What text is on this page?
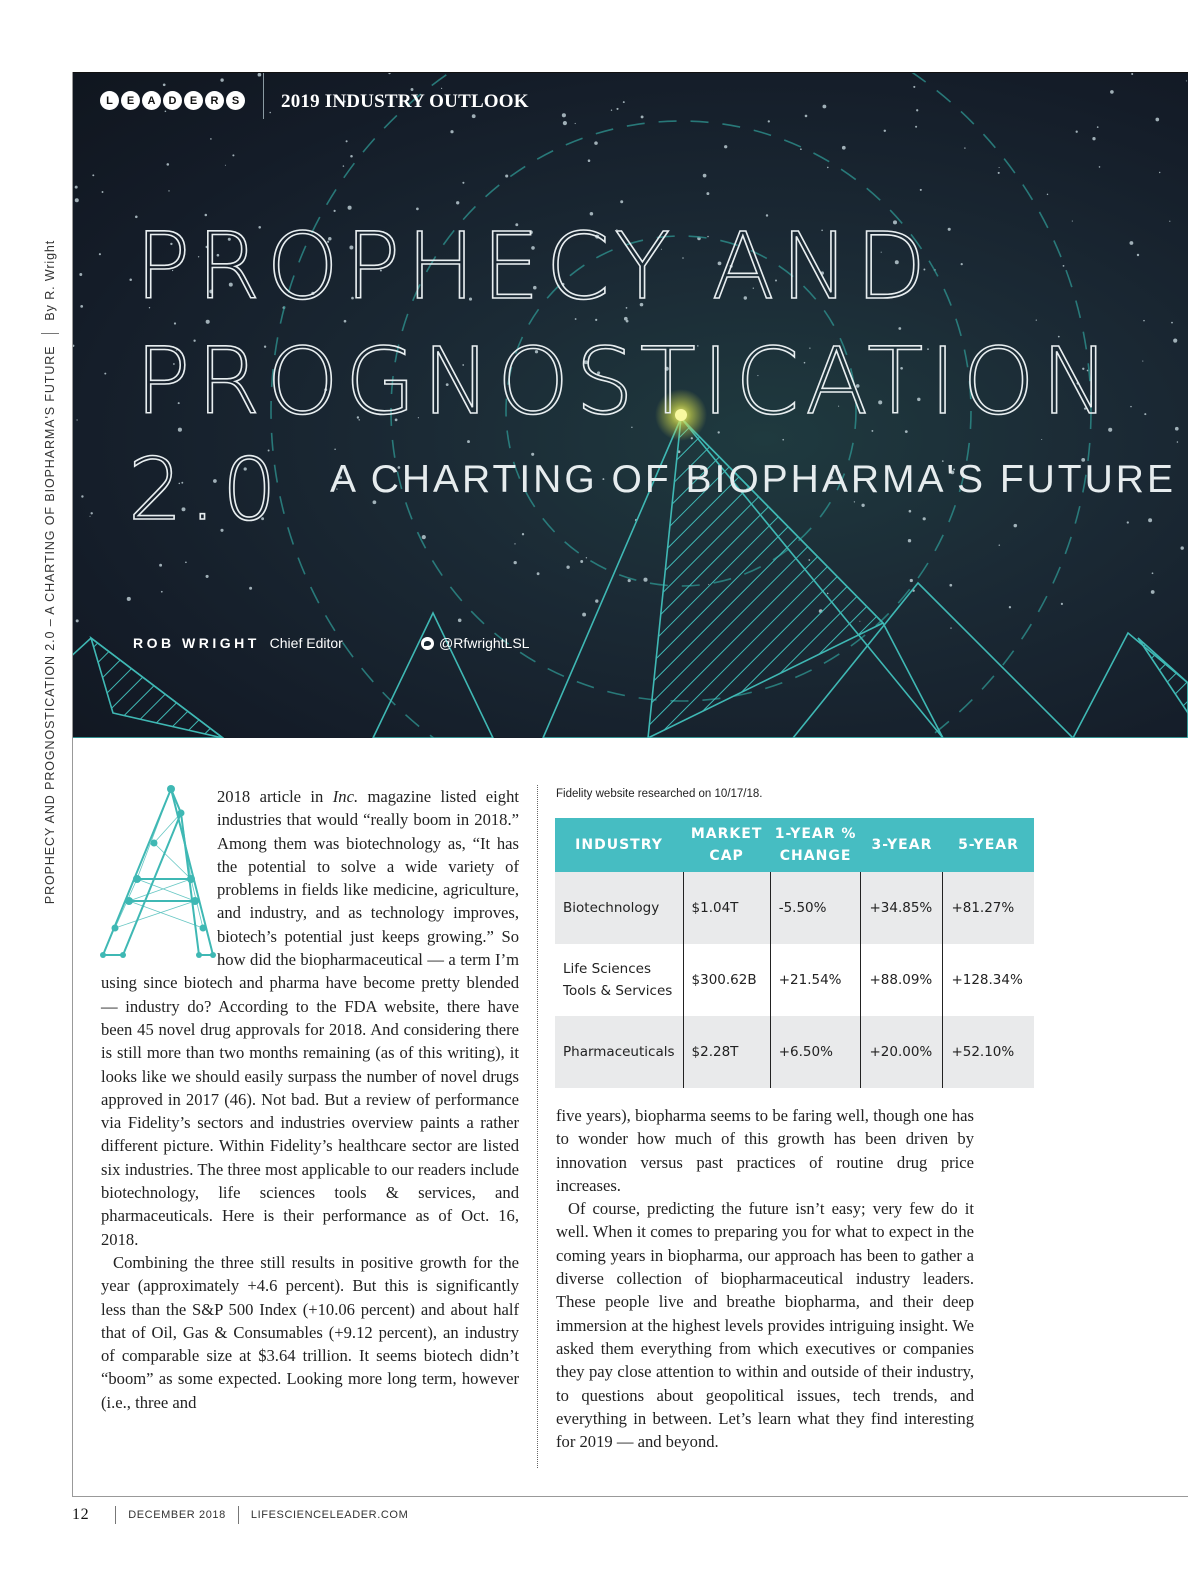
PROPHECY AND PROGNOSTICATION 2.0 – A CHARTING OF BIOPHARMA'S FUTURE
By R. Wright
L	E	A	D	E	R	S	2019 INDUSTRY OUTLOOK
PROPHECY AND
PROGNOSTICATION
2.0 A CHARTING OF BIOPHARMA'S FUTURE
ROB WRIGHT Chief Editor	@RfwrightLSL

2018 article in Inc. magazine listed eight industries that would “really boom in 2018.” Among them was biotechnology as, “It has the potential to solve a wide variety of problems in fields like medicine, agriculture, and industry, and as technology improves, biotech’s potential just keeps growing.” So how did the biopharmaceutical — a term I’m using since biotech and pharma have become pretty blended — industry do? According to the FDA website, there have been 45 novel drug approvals for 2018. And considering there is still more than two months remaining (as of this writing), it looks like we should easily surpass the number of novel drugs approved in 2017 (46). Not bad. But a review of performance via Fidelity’s sectors and industries overview paints a rather different picture. Within Fidelity’s healthcare sector are listed six industries. The three most applicable to our readers include biotechnology, life sciences tools & services, and pharmaceuticals. Here is their performance as of Oct. 16, 2018.

Combining the three still results in positive growth for the year (approximately +4.6 percent). But this is significantly less than the S&P 500 Index (+10.06 percent) and about half that of Oil, Gas & Consumables (+9.12 percent), an industry of comparable size at $3.64 trillion. It seems biotech didn’t “boom” as some expected. Looking more long term, however (i.e., three and

Fidelity website researched on 10/17/18.
INDUSTRY	MARKET CAP	1-YEAR % CHANGE	3-YEAR	5-YEAR
Biotechnology	$1.04T	-5.50%	+34.85%	+81.27%
Life Sciences Tools & Services	$300.62B	+21.54%	+88.09%	+128.34%
Pharmaceuticals	$2.28T	+6.50%	+20.00%	+52.10%

five years), biopharma seems to be faring well, though one has to wonder how much of this growth has been driven by innovation versus past practices of routine drug price increases.

Of course, predicting the future isn’t easy; very few do it well. When it comes to preparing you for what to expect in the coming years in biopharma, our approach has been to gather a diverse collection of biopharmaceutical industry leaders. These people live and breathe biopharma, and their deep immersion at the highest levels provides intriguing insight. We asked them everything from which executives or companies they pay close attention to within and outside of their industry, to questions about geopolitical issues, tech trends, and everything in between. Let’s learn what they find interesting for 2019 — and beyond.

12	DECEMBER 2018 LIFESCIENCELEADER.COM
